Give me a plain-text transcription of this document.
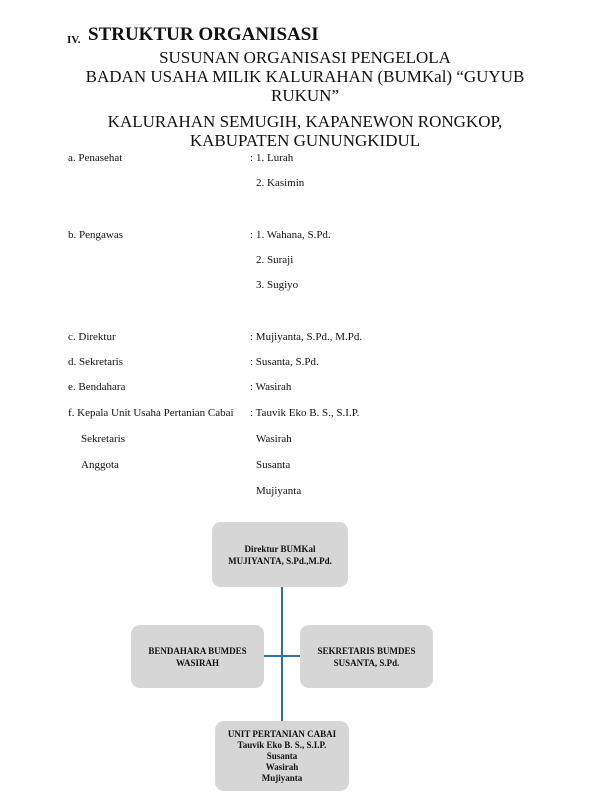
IV. STRUKTUR ORGANISASI
SUSUNAN ORGANISASI PENGELOLA
BADAN USAHA MILIK KALURAHAN (BUMKal) “GUYUB RUKUN”
KALURAHAN SEMUGIH, KAPANEWON RONGKOP,
KABUPATEN GUNUNGKIDUL
a. Penasehat	: 1. Lurah
2. Kasimin
b. Pengawas	: 1. Wahana, S.Pd.
2. Suraji
3. Sugiyo
c. Direktur	: Mujiyanta, S.Pd., M.Pd.
d. Sekretaris	: Susanta, S.Pd.
e. Bendahara	: Wasirah
f. Kepala Unit Usaha Pertanian Cabai : Tauvik Eko B. S., S.I.P.
Sekretaris	Wasirah
Anggota	Susanta
Mujiyanta
Direktur BUMKal
MUJIYANTA, S.Pd.,M.Pd.
BENDAHARA BUMDES
WASIRAH
SEKRETARIS BUMDES
SUSANTA, S.Pd.
UNIT PERTANIAN CABAI
Tauvik Eko B. S., S.I.P.
Susanta
Wasirah
Mujiyanta
